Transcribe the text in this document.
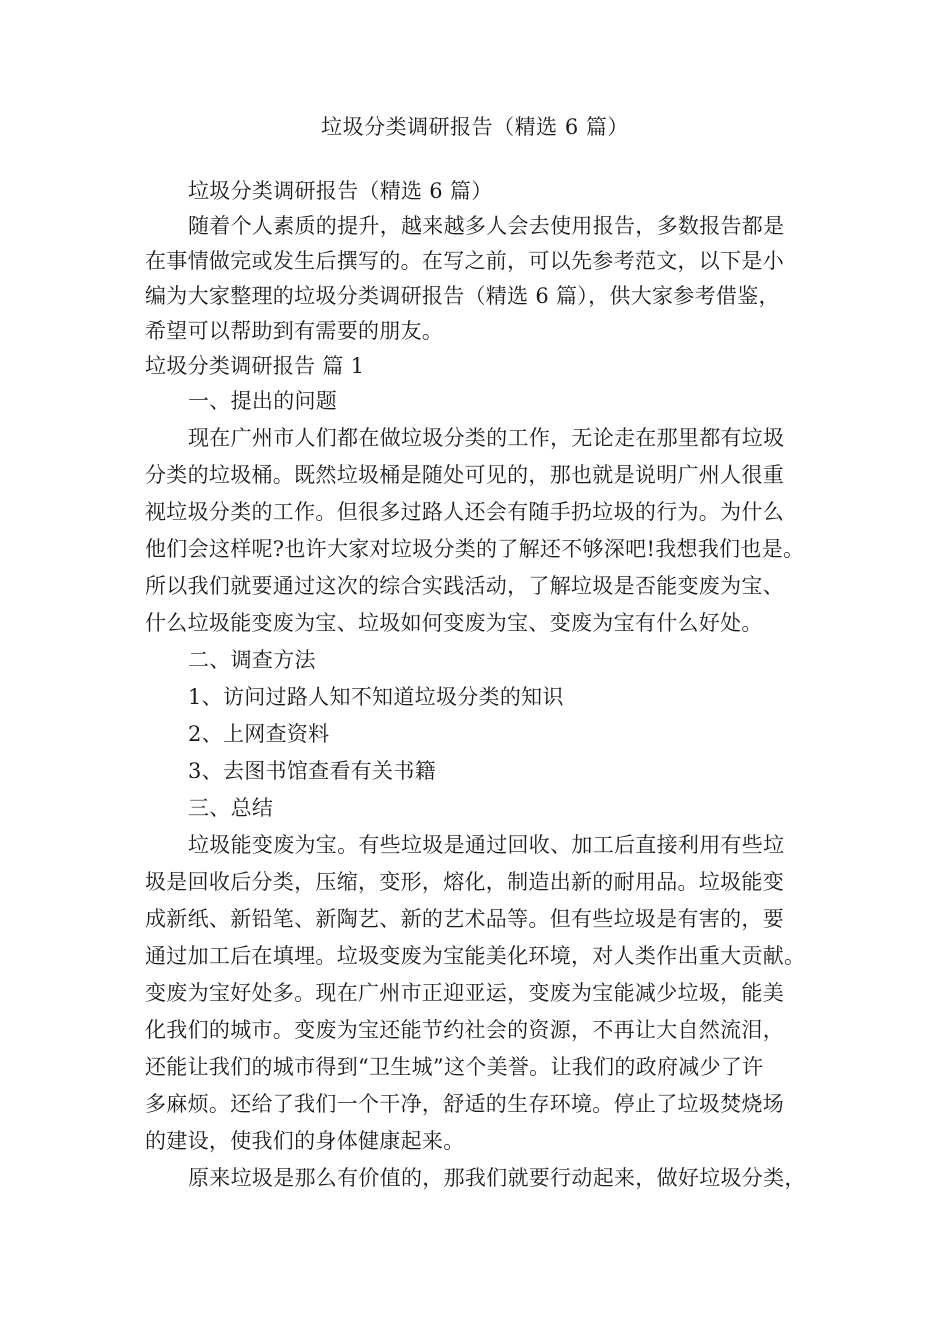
垃圾分类调研报告（精选 6 篇）
垃圾分类调研报告（精选 6 篇）
随着个人素质的提升，越来越多人会去使用报告，多数报告都是
在事情做完或发生后撰写的。在写之前，可以先参考范文，以下是小
编为大家整理的垃圾分类调研报告（精选 6 篇），供大家参考借鉴，
希望可以帮助到有需要的朋友。
垃圾分类调研报告 篇 1
一、提出的问题
现在广州市人们都在做垃圾分类的工作，无论走在那里都有垃圾
分类的垃圾桶。既然垃圾桶是随处可见的，那也就是说明广州人很重
视垃圾分类的工作。但很多过路人还会有随手扔垃圾的行为。为什么
他们会这样呢?也许大家对垃圾分类的了解还不够深吧!我想我们也是。
所以我们就要通过这次的综合实践活动，了解垃圾是否能变废为宝、
什么垃圾能变废为宝、垃圾如何变废为宝、变废为宝有什么好处。
二、调查方法
1、访问过路人知不知道垃圾分类的知识
2、上网查资料
3、去图书馆查看有关书籍
三、总结
垃圾能变废为宝。有些垃圾是通过回收、加工后直接利用有些垃
圾是回收后分类，压缩，变形，熔化，制造出新的耐用品。垃圾能变
成新纸、新铅笔、新陶艺、新的艺术品等。但有些垃圾是有害的，要
通过加工后在填埋。垃圾变废为宝能美化环境，对人类作出重大贡献。
变废为宝好处多。现在广州市正迎亚运，变废为宝能减少垃圾，能美
化我们的城市。变废为宝还能节约社会的资源，不再让大自然流泪，
还能让我们的城市得到“卫生城”这个美誉。让我们的政府减少了许
多麻烦。还给了我们一个干净，舒适的生存环境。停止了垃圾焚烧场
的建设，使我们的身体健康起来。
原来垃圾是那么有价值的，那我们就要行动起来，做好垃圾分类，
